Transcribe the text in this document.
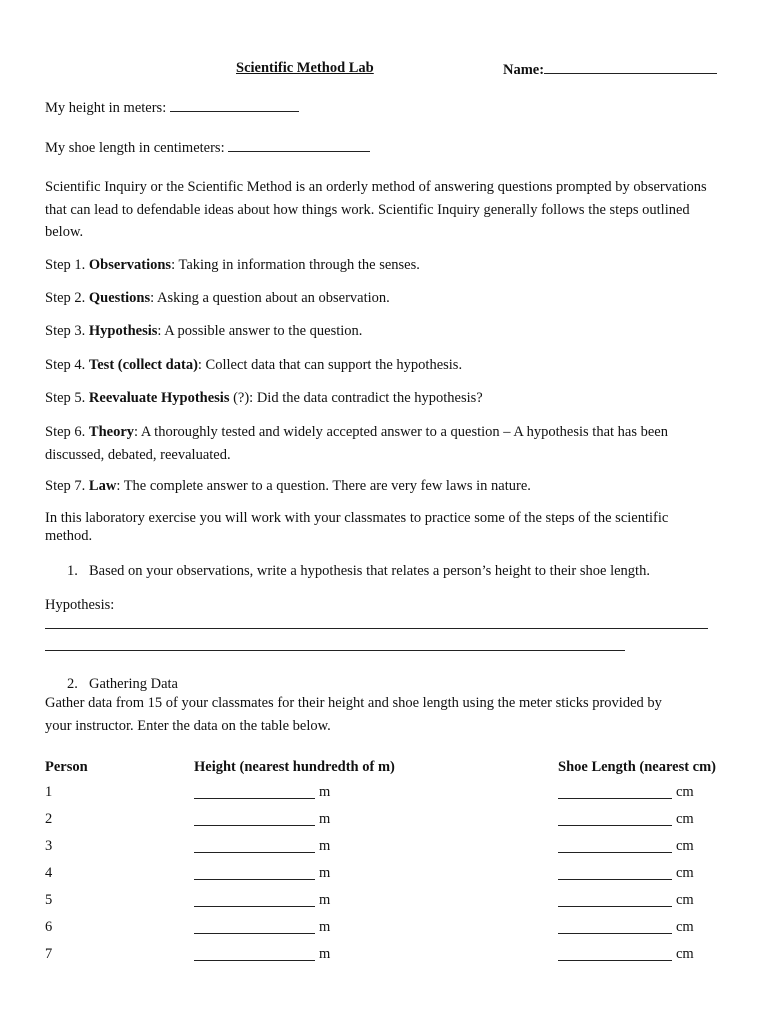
Scientific Method Lab	Name:
My height in meters:
My shoe length in centimeters:
Scientific Inquiry or the Scientific Method is an orderly method of answering questions prompted by observations that can lead to defendable ideas about how things work. Scientific Inquiry generally follows the steps outlined below.
Step 1. Observations: Taking in information through the senses.
Step 2. Questions: Asking a question about an observation.
Step 3. Hypothesis: A possible answer to the question.
Step 4. Test (collect data): Collect data that can support the hypothesis.
Step 5. Reevaluate Hypothesis (?): Did the data contradict the hypothesis?
Step 6. Theory: A thoroughly tested and widely accepted answer to a question – A hypothesis that has been discussed, debated, reevaluated.
Step 7. Law: The complete answer to a question. There are very few laws in nature.
In this laboratory exercise you will work with your classmates to practice some of the steps of the scientific method.
1. Based on your observations, write a hypothesis that relates a person’s height to their shoe length.
Hypothesis:
2. Gathering Data
Gather data from 15 of your classmates for their height and shoe length using the meter sticks provided by your instructor. Enter the data on the table below.
Person	Height (nearest hundredth of m)	Shoe Length (nearest cm)
1	m	cm
2	m	cm
3	m	cm
4	m	cm
5	m	cm
6	m	cm
7	m	cm
